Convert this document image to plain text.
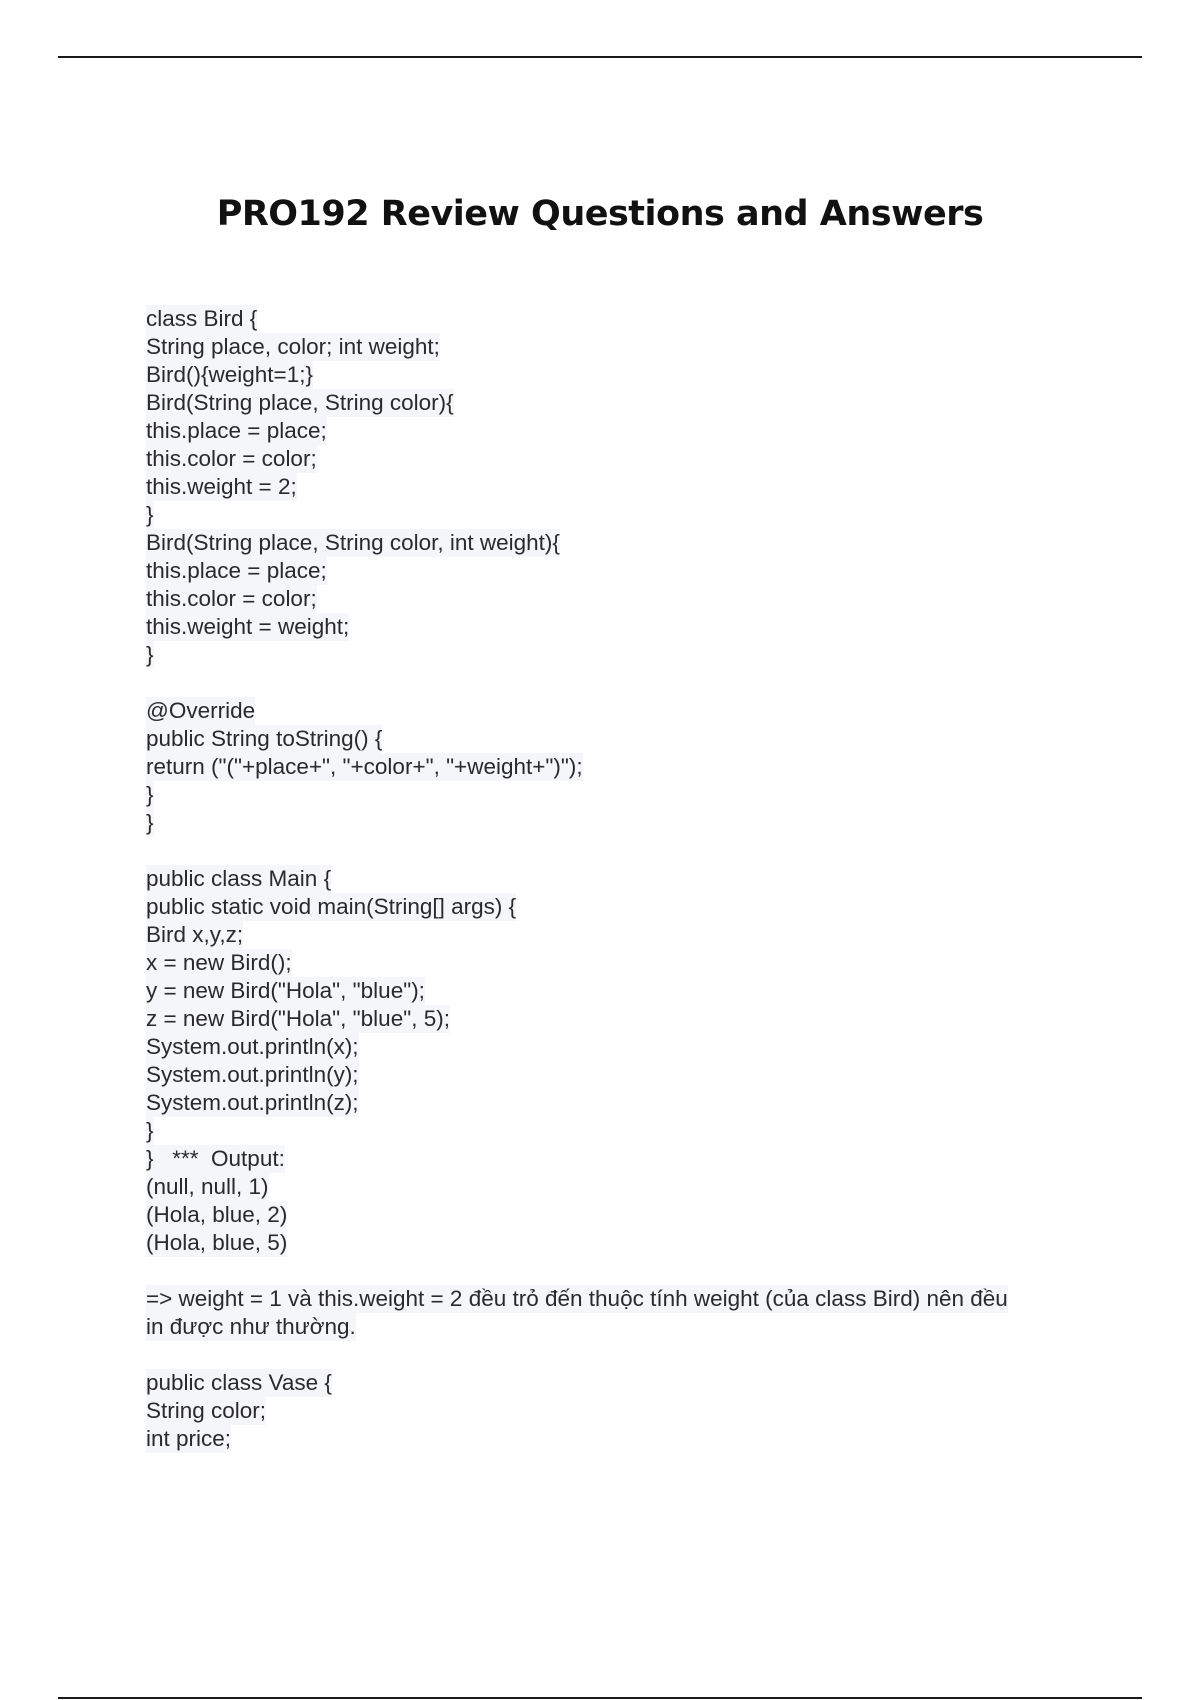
PRO192 Review Questions and Answers
class Bird {
String place, color; int weight;
Bird(){weight=1;}
Bird(String place, String color){
this.place = place;
this.color = color;
this.weight = 2;
}
Bird(String place, String color, int weight){
this.place = place;
this.color = color;
this.weight = weight;
}
@Override
public String toString() {
return ("("+place+", "+color+", "+weight+")");
}
}
public class Main {
public static void main(String[] args) {
Bird x,y,z;
x = new Bird();
y = new Bird("Hola", "blue");
z = new Bird("Hola", "blue", 5);
System.out.println(x);
System.out.println(y);
System.out.println(z);
}
}   ***  Output:
(null, null, 1)
(Hola, blue, 2)
(Hola, blue, 5)
=> weight = 1 và this.weight = 2 đều trỏ đến thuộc tính weight (của class Bird) nên đều
in được như thường.
public class Vase {
String color;
int price;
